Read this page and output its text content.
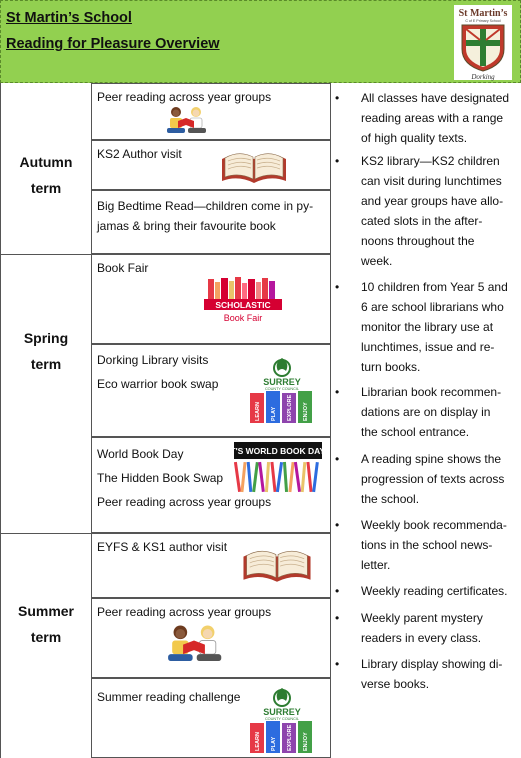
St Martin’s School
Reading for Pleasure Overview
St Martin’s
C of E Primary School
Dorking
Autumn
term
Spring
term
Summer
term
Peer reading across year groups
KS2 Author visit
Big Bedtime Read—children come in py-
jamas & bring their favourite book
Book Fair
SCHOLASTIC
Book Fair
Dorking Library visits
Eco warrior book swap	SURREY
COUNTY COUNCIL
LEARN PLAY EXPLORE ENJOY
World Book Day
The Hidden Book Swap
Peer reading across year groups
IT'S WORLD BOOK DAY!
EYFS & KS1 author visit
Peer reading across year groups
Summer reading challenge
SURREY
COUNTY COUNCIL
LEARN PLAY EXPLORE ENJOY
• All classes have designated
reading areas with a range
of high quality texts.
• KS2 library—KS2 children
can visit during lunchtimes
and year groups have allo-
cated slots in the after-
noons throughout the
week.
• 10 children from Year 5 and
6 are school librarians who
monitor the library use at
lunchtimes, issue and re-
turn books.
• Librarian book recommen-
dations are on display in
the school entrance.
• A reading spine shows the
progression of texts across
the school.
• Weekly book recommenda-
tions in the school news-
letter.
• Weekly reading certificates.
• Weekly parent mystery
readers in every class.
• Library display showing di-
verse books.
